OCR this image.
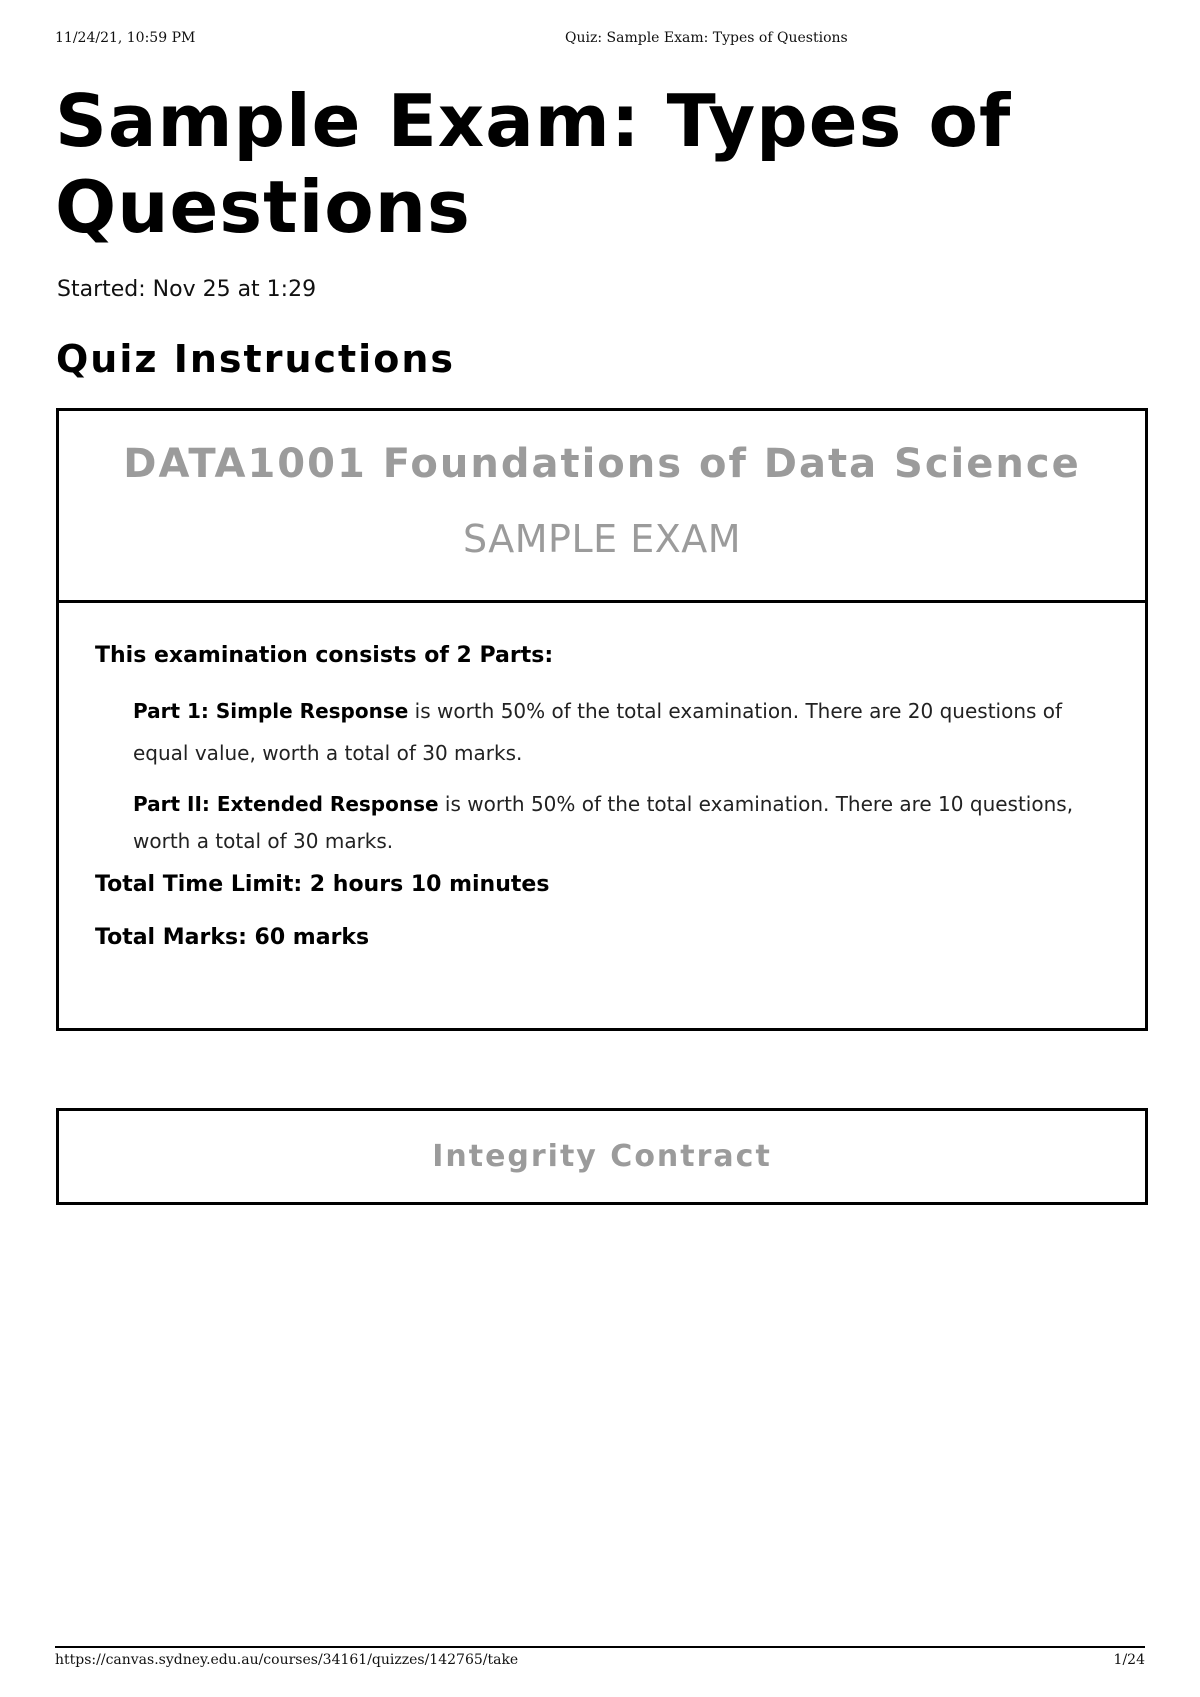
11/24/21, 10:59 PM	Quiz: Sample Exam: Types of Questions
Sample Exam: Types of Questions
Started: Nov 25 at 1:29
Quiz Instructions
DATA1001 Foundations of Data Science
SAMPLE EXAM

This examination consists of 2 Parts:

Part 1: Simple Response is worth 50% of the total examination. There are 20 questions of equal value, worth a total of 30 marks.

Part II: Extended Response is worth 50% of the total examination. There are 10 questions, worth a total of 30 marks.

Total Time Limit: 2 hours 10 minutes

Total Marks: 60 marks

Integrity Contract
https://canvas.sydney.edu.au/courses/34161/quizzes/142765/take	1/24
